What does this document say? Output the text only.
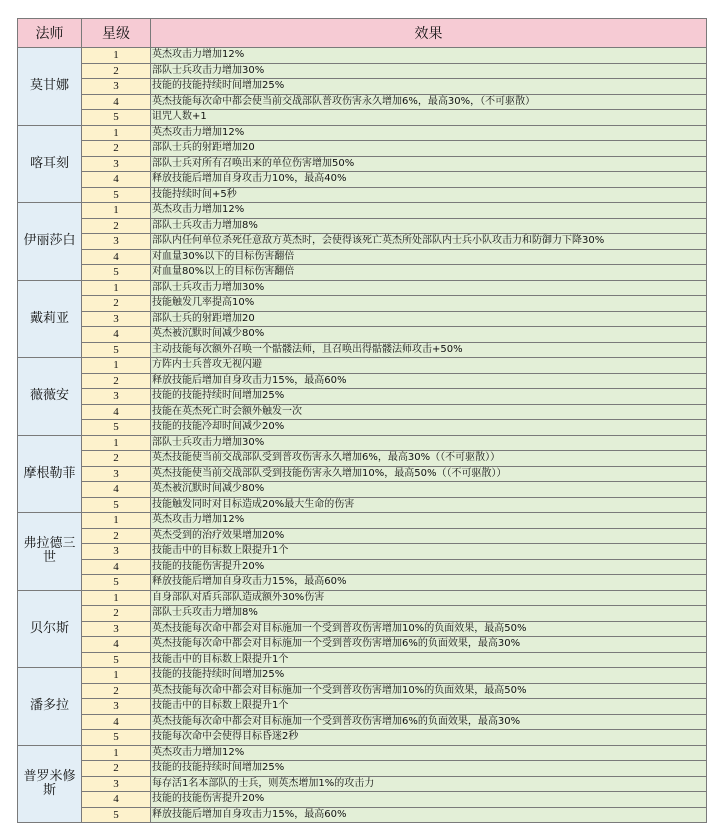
法师	星级	效果
莫甘娜	1	英杰攻击力增加12%
	2	部队士兵攻击力增加30%
	3	技能的技能持续时间增加25%
	4	英杰技能每次命中都会使当前交战部队普攻伤害永久增加6%，最高30%，（不可驱散）
	5	诅咒人数+1
喀耳刻	1	英杰攻击力增加12%
	2	部队士兵的射距增加20
	3	部队士兵对所有召唤出来的单位伤害增加50%
	4	释放技能后增加自身攻击力10%，最高40%
	5	技能持续时间+5秒
伊丽莎白	1	英杰攻击力增加12%
	2	部队士兵攻击力增加8%
	3	部队内任何单位杀死任意敌方英杰时，会使得该死亡英杰所处部队内士兵小队攻击力和防御力下降30%
	4	对血量30%以下的目标伤害翻倍
	5	对血量80%以上的目标伤害翻倍
戴莉亚	1	部队士兵攻击力增加30%
	2	技能触发几率提高10%
	3	部队士兵的射距增加20
	4	英杰被沉默时间减少80%
	5	主动技能每次额外召唤一个骷髅法师，且召唤出得骷髅法师攻击+50%
薇薇安	1	方阵内士兵普攻无视闪避
	2	释放技能后增加自身攻击力15%，最高60%
	3	技能的技能持续时间增加25%
	4	技能在英杰死亡时会额外触发一次
	5	技能的技能冷却时间减少20%
摩根勒菲	1	部队士兵攻击力增加30%
	2	英杰技能使当前交战部队受到普攻伤害永久增加6%，最高30%（（不可驱散））
	3	英杰技能使当前交战部队受到技能伤害永久增加10%，最高50%（（不可驱散））
	4	英杰被沉默时间减少80%
	5	技能触发同时对目标造成20%最大生命的伤害
弗拉德三世	1	英杰攻击力增加12%
	2	英杰受到的治疗效果增加20%
	3	技能击中的目标数上限提升1个
	4	技能的技能伤害提升20%
	5	释放技能后增加自身攻击力15%，最高60%
贝尔斯	1	自身部队对盾兵部队造成额外30%伤害
	2	部队士兵攻击力增加8%
	3	英杰技能每次命中都会对目标施加一个受到普攻伤害增加10%的负面效果，最高50%
	4	英杰技能每次命中都会对目标施加一个受到普攻伤害增加6%的负面效果，最高30%
	5	技能击中的目标数上限提升1个
潘多拉	1	技能的技能持续时间增加25%
	2	英杰技能每次命中都会对目标施加一个受到普攻伤害增加10%的负面效果，最高50%
	3	技能击中的目标数上限提升1个
	4	英杰技能每次命中都会对目标施加一个受到普攻伤害增加6%的负面效果，最高30%
	5	技能每次命中会使得目标昏迷2秒
普罗米修斯	1	英杰攻击力增加12%
	2	技能的技能持续时间增加25%
	3	每存活1名本部队的士兵，则英杰增加1%的攻击力
	4	技能的技能伤害提升20%
	5	释放技能后增加自身攻击力15%，最高60%
